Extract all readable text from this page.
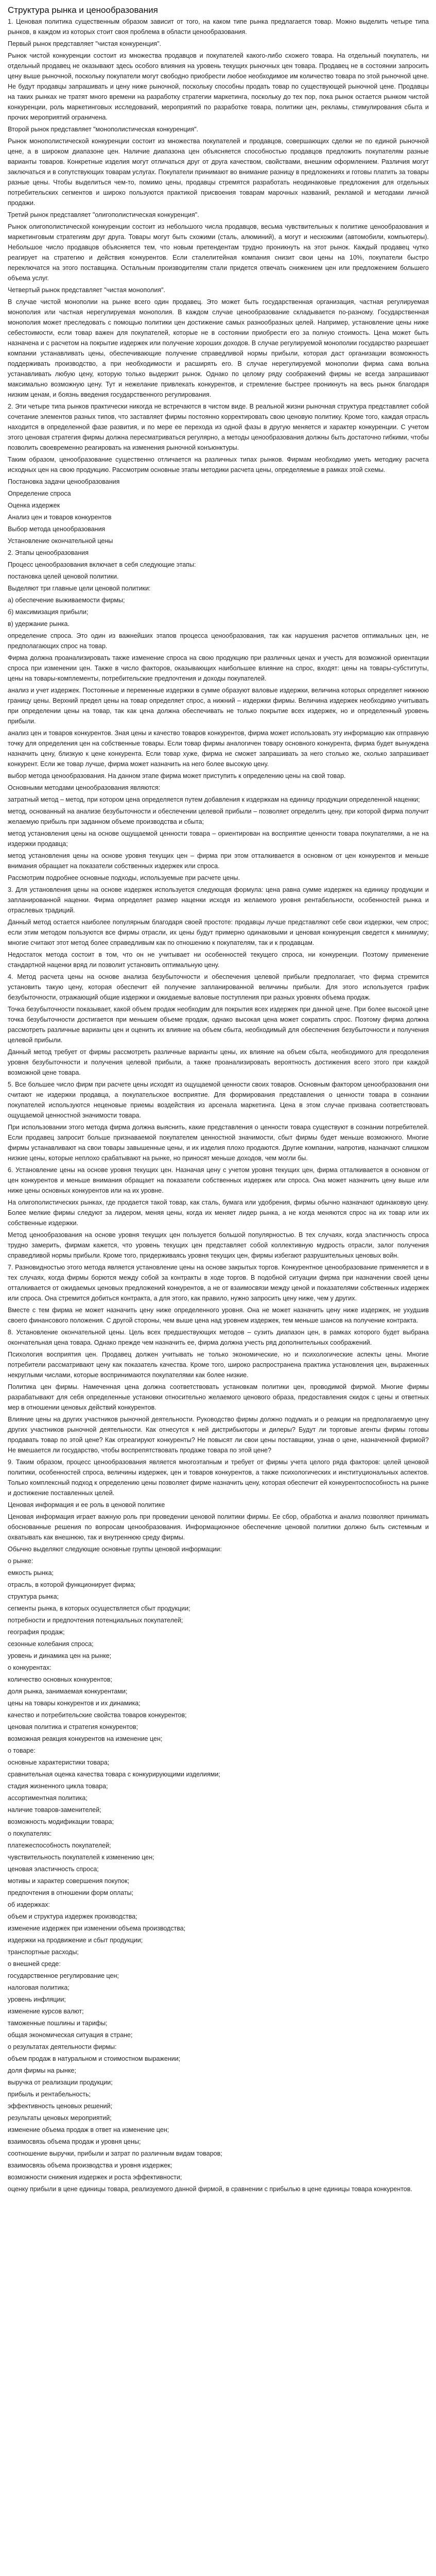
Структура рынка и ценообразования

1. Ценовая политика существенным образом зависит от того, на каком типе рынка предлагается товар. Можно выделить четыре типа рынков, в каждом из которых стоит своя проблема в области ценообразования.

Первый рынок представляет "чистая конкуренция".

Рынок чистой конкуренции состоит из множества продавцов и покупателей какого-либо схожего товара. На отдельный покупатель, ни отдельный продавец не оказывают здесь особого влияния на уровень текущих рыночных цен товара. Продавец не в состоянии запросить цену выше рыночной, поскольку покупатели могут свободно приобрести любое необходимое им количество товара по этой рыночной цене. Не будут продавцы запрашивать и цену ниже рыночной, поскольку способны продать товар по существующей рыночной цене. Продавцы на таких рынках не тратят много времени на разработку стратегии маркетинга, поскольку до тех пор, пока рынок остается рынком чистой конкуренции, роль маркетинговых исследований, мероприятий по разработке товара, политики цен, рекламы, стимулирования сбыта и прочих мероприятий ограничена.

Второй рынок представляет "монополистическая конкуренция".

Рынок монополистической конкуренции состоит из множества покупателей и продавцов, совершающих сделки не по единой рыночной цене, а в широком диапазоне цен. Наличие диапазона цен объясняется способностью продавцов предложить покупателям разные варианты товаров. Конкретные изделия могут отличаться друг от друга качеством, свойствами, внешним оформлением. Различия могут заключаться и в сопутствующих товарам услугах. Покупатели принимают во внимание разницу в предложениях и готовы платить за товары разные цены. Чтобы выделиться чем-то, помимо цены, продавцы стремятся разработать неодинаковые предложения для отдельных потребительских сегментов и широко пользуются практикой присвоения товарам марочных названий, рекламой и методами личной продажи.

Третий рынок представляет "олигополистическая конкуренция".

Рынок олигополистической конкуренции состоит из небольшого числа продавцов, весьма чувствительных к политике ценообразования и маркетинговым стратегиям друг друга. Товары могут быть схожими (сталь, алюминий), а могут и несхожими (автомобили, компьютеры). Небольшое число продавцов объясняется тем, что новым претендентам трудно проникнуть на этот рынок. Каждый продавец чутко реагирует на стратегию и действия конкурентов. Если сталелитейная компания снизит свои цены на 10%, покупатели быстро переключатся на этого поставщика. Остальным производителям стали придется отвечать снижением цен или предложением большего объема услуг.

Четвертый рынок представляет "чистая монополия".

В случае чистой монополии на рынке всего один продавец. Это может быть государственная организация, частная регулируемая монополия или частная нерегулируемая монополия. В каждом случае ценообразование складывается по-разному. Государственная монополия может преследовать с помощью политики цен достижение самых разнообразных целей. Например, установление цены ниже себестоимости, если товар важен для покупателей, которые не в состоянии приобрести его за полную стоимость. Цена может быть назначена и с расчетом на покрытие издержек или получение хороших доходов. В случае регулируемой монополии государство разрешает компании устанавливать цены, обеспечивающие получение справедливой нормы прибыли, которая даст организации возможность поддерживать производство, а при необходимости и расширять его. В случае нерегулируемой монополии фирма сама вольна устанавливать любую цену, которую только выдержит рынок. Однако по целому ряду соображений фирмы не всегда запрашивают максимально возможную цену. Тут и нежелание привлекать конкурентов, и стремление быстрее проникнуть на весь рынок благодаря низким ценам, и боязнь введения государственного регулирования.

2. Эти четыре типа рынков практически никогда не встречаются в чистом виде. В реальной жизни рыночная структура представляет собой сочетание элементов разных типов, что заставляет фирмы постоянно корректировать свою ценовую политику. Кроме того, каждая отрасль находится в определенной фазе развития, и по мере ее перехода из одной фазы в другую меняется и характер конкуренции. С учетом этого ценовая стратегия фирмы должна пересматриваться регулярно, а методы ценообразования должны быть достаточно гибкими, чтобы позволить своевременно реагировать на изменения рыночной конъюнктуры.

Таким образом, ценообразование существенно отличается на различных типах рынков. Фирмам необходимо уметь методику расчета исходных цен на свою продукцию. Рассмотрим основные этапы методики расчета цены, определяемые в рамках этой схемы.

Постановка задачи ценообразования

Определение спроса

Оценка издержек

Анализ цен и товаров конкурентов

Выбор метода ценообразования

Установление окончательной цены

2. Этапы ценообразования

Процесс ценообразования включает в себя следующие этапы:

постановка целей ценовой политики.

Выделяют три главные цели ценовой политики:

а) обеспечение выживаемости фирмы;

б) максимизация прибыли;

в) удержание рынка.

определение спроса. Это один из важнейших этапов процесса ценообразования, так как нарушения расчетов оптимальных цен, не предполагающих спрос на товар.

Фирма должна проанализировать также изменение спроса на свою продукцию при различных ценах и учесть для возможной ориентации спроса при изменении цен. Также в число факторов, оказывающих наибольшее влияние на спрос, входят: цены на товары-субституты, цены на товары-комплементы, потребительские предпочтения и доходы покупателей.

анализ и учет издержек. Постоянные и переменные издержки в сумме образуют валовые издержки, величина которых определяет нижнюю границу цены. Верхний предел цены на товар определяет спрос, а нижний – издержки фирмы. Величина издержек необходимо учитывать при определении цены на товар, так как цена должна обеспечивать не только покрытие всех издержек, но и определенный уровень прибыли.

анализ цен и товаров конкурентов. Зная цены и качество товаров конкурентов, фирма может использовать эту информацию как отправную точку для определения цен на собственные товары. Если товар фирмы аналогичен товару основного конкурента, фирма будет вынуждена назначить цену, близкую к цене конкурента. Если товар хуже, фирма не сможет запрашивать за него столько же, сколько запрашивает конкурент. Если же товар лучше, фирма может назначить на него более высокую цену.

выбор метода ценообразования. На данном этапе фирма может приступить к определению цены на свой товар.

Основными методами ценообразования являются:

затратный метод – метод, при котором цена определяется путем добавления к издержкам на единицу продукции определенной наценки;

метод, основанный на анализе безубыточности и обеспечении целевой прибыли – позволяет определить цену, при которой фирма получит желаемую прибыль при заданном объеме производства и сбыта;

метод установления цены на основе ощущаемой ценности товара – ориентирован на восприятие ценности товара покупателями, а не на издержки продавца;

метод установления цены на основе уровня текущих цен – фирма при этом отталкивается в основном от цен конкурентов и меньше внимания обращает на показатели собственных издержек или спроса.

Рассмотрим подробнее основные подходы, используемые при расчете цены.

3. Для установления цены на основе издержек используется следующая формула: цена равна сумме издержек на единицу продукции и запланированной наценки. Фирма определяет размер наценки исходя из желаемого уровня рентабельности, особенностей рынка и отраслевых традиций.

Данный метод остается наиболее популярным благодаря своей простоте: продавцы лучше представляют себе свои издержки, чем спрос; если этим методом пользуются все фирмы отрасли, их цены будут примерно одинаковыми и ценовая конкуренция сведется к минимуму; многие считают этот метод более справедливым как по отношению к покупателям, так и к продавцам.

Недостаток метода состоит в том, что он не учитывает ни особенностей текущего спроса, ни конкуренции. Поэтому применение стандартной наценки вряд ли позволит установить оптимальную цену.

4. Метод расчета цены на основе анализа безубыточности и обеспечения целевой прибыли предполагает, что фирма стремится установить такую цену, которая обеспечит ей получение запланированной величины прибыли. Для этого используется график безубыточности, отражающий общие издержки и ожидаемые валовые поступления при разных уровнях объема продаж.

Точка безубыточности показывает, какой объем продаж необходим для покрытия всех издержек при данной цене. При более высокой цене точка безубыточности достигается при меньшем объеме продаж, однако высокая цена может сократить спрос. Поэтому фирма должна рассмотреть различные варианты цен и оценить их влияние на объем сбыта, необходимый для обеспечения безубыточности и получения целевой прибыли.

Данный метод требует от фирмы рассмотреть различные варианты цены, их влияние на объем сбыта, необходимого для преодоления уровня безубыточности и получения целевой прибыли, а также проанализировать вероятность достижения всего этого при каждой возможной цене товара.

5. Все большее число фирм при расчете цены исходят из ощущаемой ценности своих товаров. Основным фактором ценообразования они считают не издержки продавца, а покупательское восприятие. Для формирования представления о ценности товара в сознании покупателей используются неценовые приемы воздействия из арсенала маркетинга. Цена в этом случае призвана соответствовать ощущаемой ценностной значимости товара.

При использовании этого метода фирма должна выяснить, какие представления о ценности товара существуют в сознании потребителей. Если продавец запросит больше признаваемой покупателем ценностной значимости, сбыт фирмы будет меньше возможного. Многие фирмы устанавливают на свои товары завышенные цены, и их изделия плохо продаются. Другие компании, напротив, назначают слишком низкие цены, которые неплохо срабатывают на рынке, но приносят меньше доходов, чем могли бы.

6. Установление цены на основе уровня текущих цен. Назначая цену с учетом уровня текущих цен, фирма отталкивается в основном от цен конкурентов и меньше внимания обращает на показатели собственных издержек или спроса. Она может назначить цену выше или ниже цены основных конкурентов или на их уровне.

На олигополистических рынках, где продается такой товар, как сталь, бумага или удобрения, фирмы обычно назначают одинаковую цену. Более мелкие фирмы следуют за лидером, меняя цены, когда их меняет лидер рынка, а не когда меняются спрос на их товар или их собственные издержки.

Метод ценообразования на основе уровня текущих цен пользуется большой популярностью. В тех случаях, когда эластичность спроса трудно замерить, фирмам кажется, что уровень текущих цен представляет собой коллективную мудрость отрасли, залог получения справедливой нормы прибыли. Кроме того, придерживаясь уровня текущих цен, фирмы избегают разрушительных ценовых войн.

7. Разновидностью этого метода является установление цены на основе закрытых торгов. Конкурентное ценообразование применяется и в тех случаях, когда фирмы борются между собой за контракты в ходе торгов. В подобной ситуации фирма при назначении своей цены отталкивается от ожидаемых ценовых предложений конкурентов, а не от взаимосвязи между ценой и показателями собственных издержек или спроса. Она стремится добиться контракта, а для этого, как правило, нужно запросить цену ниже, чем у других.

Вместе с тем фирма не может назначить цену ниже определенного уровня. Она не может назначить цену ниже издержек, не ухудшив своего финансового положения. С другой стороны, чем выше цена над уровнем издержек, тем меньше шансов на получение контракта.

8. Установление окончательной цены. Цель всех предшествующих методов – сузить диапазон цен, в рамках которого будет выбрана окончательная цена товара. Однако прежде чем назначить ее, фирма должна учесть ряд дополнительных соображений.

Психология восприятия цен. Продавец должен учитывать не только экономические, но и психологические аспекты цены. Многие потребители рассматривают цену как показатель качества. Кроме того, широко распространена практика установления цен, выраженных некруглыми числами, которые воспринимаются покупателями как более низкие.

Политика цен фирмы. Намеченная цена должна соответствовать установкам политики цен, проводимой фирмой. Многие фирмы разрабатывают для себя определенные установки относительно желаемого ценового образа, предоставления скидок с цены и ответных мер в отношении ценовых действий конкурентов.

Влияние цены на других участников рыночной деятельности. Руководство фирмы должно подумать и о реакции на предполагаемую цену других участников рыночной деятельности. Как отнесутся к ней дистрибьюторы и дилеры? Будут ли торговые агенты фирмы готовы продавать товар по этой цене? Как отреагируют конкуренты? Не повысят ли свои цены поставщики, узнав о цене, назначенной фирмой? Не вмешается ли государство, чтобы воспрепятствовать продаже товара по этой цене?

9. Таким образом, процесс ценообразования является многоэтапным и требует от фирмы учета целого ряда факторов: целей ценовой политики, особенностей спроса, величины издержек, цен и товаров конкурентов, а также психологических и институциональных аспектов. Только комплексный подход к определению цены позволяет фирме назначить цену, которая обеспечит ей конкурентоспособность на рынке и достижение поставленных целей.

Ценовая информация и ее роль в ценовой политике

Ценовая информация играет важную роль при проведении ценовой политики фирмы. Ее сбор, обработка и анализ позволяют принимать обоснованные решения по вопросам ценообразования. Информационное обеспечение ценовой политики должно быть системным и охватывать как внешнюю, так и внутреннюю среду фирмы.

Обычно выделяют следующие основные группы ценовой информации:

о рынке:

емкость рынка;

отрасль, в которой функционирует фирма;

структура рынка;

сегменты рынка, в которых осуществляется сбыт продукции;

потребности и предпочтения потенциальных покупателей;

география продаж;

сезонные колебания спроса;

уровень и динамика цен на рынке;

о конкурентах:

количество основных конкурентов;

доля рынка, занимаемая конкурентами;

цены на товары конкурентов и их динамика;

качество и потребительские свойства товаров конкурентов;

ценовая политика и стратегия конкурентов;

возможная реакция конкурентов на изменение цен;

о товаре:

основные характеристики товара;

сравнительная оценка качества товара с конкурирующими изделиями;

стадия жизненного цикла товара;

ассортиментная политика;

наличие товаров-заменителей;

возможность модификации товара;

о покупателях:

платежеспособность покупателей;

чувствительность покупателей к изменению цен;

ценовая эластичность спроса;

мотивы и характер совершения покупок;

предпочтения в отношении форм оплаты;

об издержках:

объем и структура издержек производства;

изменение издержек при изменении объема производства;

издержки на продвижение и сбыт продукции;

транспортные расходы;

о внешней среде:

государственное регулирование цен;

налоговая политика;

уровень инфляции;

изменение курсов валют;

таможенные пошлины и тарифы;

общая экономическая ситуация в стране;

о результатах деятельности фирмы:

объем продаж в натуральном и стоимостном выражении;

доля фирмы на рынке;

выручка от реализации продукции;

прибыль и рентабельность;

эффективность ценовых решений;

результаты ценовых мероприятий;

изменение объема продаж в ответ на изменение цен;

взаимосвязь объема продаж и уровня цены;

соотношение выручки, прибыли и затрат по различным видам товаров;

взаимосвязь объема производства и уровня издержек;

возможности снижения издержек и роста эффективности;

оценку прибыли в цене единицы товара, реализуемого данной фирмой, в сравнении с прибылью в цене единицы товара конкурентов.
